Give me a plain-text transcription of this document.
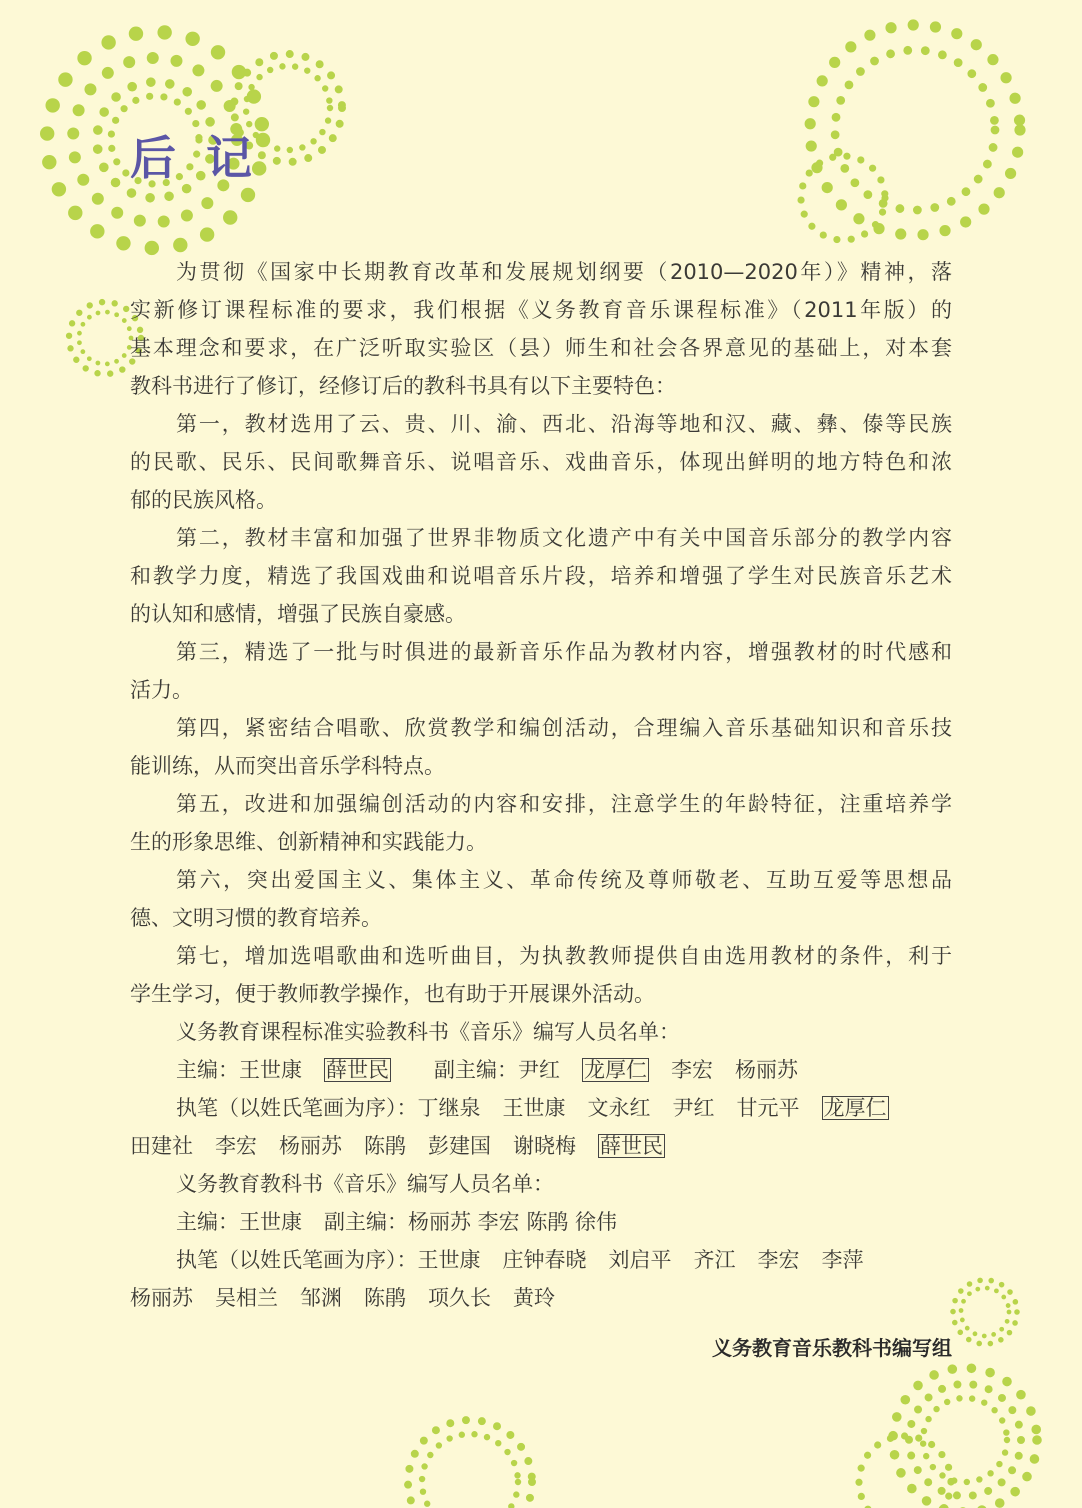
后记
为贯彻《国家中长期教育改革和发展规划纲要（2010—2020年）》精神，落
实新修订课程标准的要求，我们根据《义务教育音乐课程标准》（2011年版）的
基本理念和要求，在广泛听取实验区（县）师生和社会各界意见的基础上，对本套
教科书进行了修订，经修订后的教科书具有以下主要特色：
第一，教材选用了云、贵、川、渝、西北、沿海等地和汉、藏、彝、傣等民族
的民歌、民乐、民间歌舞音乐、说唱音乐、戏曲音乐，体现出鲜明的地方特色和浓
郁的民族风格。
第二，教材丰富和加强了世界非物质文化遗产中有关中国音乐部分的教学内容
和教学力度，精选了我国戏曲和说唱音乐片段，培养和增强了学生对民族音乐艺术
的认知和感情，增强了民族自豪感。
第三，精选了一批与时俱进的最新音乐作品为教材内容，增强教材的时代感和
活力。
第四，紧密结合唱歌、欣赏教学和编创活动，合理编入音乐基础知识和音乐技
能训练，从而突出音乐学科特点。
第五，改进和加强编创活动的内容和安排，注意学生的年龄特征，注重培养学
生的形象思维、创新精神和实践能力。
第六，突出爱国主义、集体主义、革命传统及尊师敬老、互助互爱等思想品
德、文明习惯的教育培养。
第七，增加选唱歌曲和选听曲目，为执教教师提供自由选用教材的条件，利于
学生学习，便于教师教学操作，也有助于开展课外活动。
义务教育课程标准实验教科书《音乐》编写人员名单：
主编：王世康 薛世民　副主编：尹红 龙厚仁 李宏 杨丽苏
执笔（以姓氏笔画为序）：丁继泉 王世康 文永红 尹红 甘元平 龙厚仁
田建社 李宏 杨丽苏 陈鹃 彭建国 谢晓梅 薛世民
义务教育教科书《音乐》编写人员名单：
主编：王世康 副主编：杨丽苏 李宏 陈鹃 徐伟
执笔（以姓氏笔画为序）：王世康 庄钟春晓 刘启平 齐江 李宏 李萍
杨丽苏 吴相兰 邹渊 陈鹃 项久长 黄玲
义务教育音乐教科书编写组
